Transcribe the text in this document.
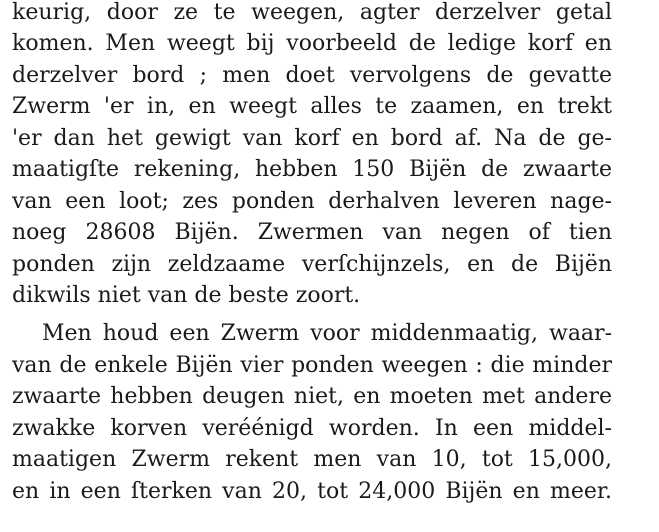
keurig, door ze te weegen, agter derzelver getal
komen. Men weegt bij voorbeeld de ledige korf en
derzelver bord ; men doet vervolgens de gevatte
Zwerm 'er in, en weegt alles te zaamen, en trekt
'er dan het gewigt van korf en bord af. Na de ge-
maatigſte rekening, hebben 150 Bijën de zwaarte
van een loot; zes ponden derhalven leveren nage-
noeg 28608 Bijën. Zwermen van negen of tien
ponden zijn zeldzaame verſchijnzels, en de Bijën
dikwils niet van de beste zoort.
Men houd een Zwerm voor middenmaatig, waar-
van de enkele Bijën vier ponden weegen : die minder
zwaarte hebben deugen niet, en moeten met andere
zwakke korven veréénigd worden. In een middel-
maatigen Zwerm rekent men van 10, tot 15,000,
en in een ſterken van 20, tot 24,000 Bijën en meer.
